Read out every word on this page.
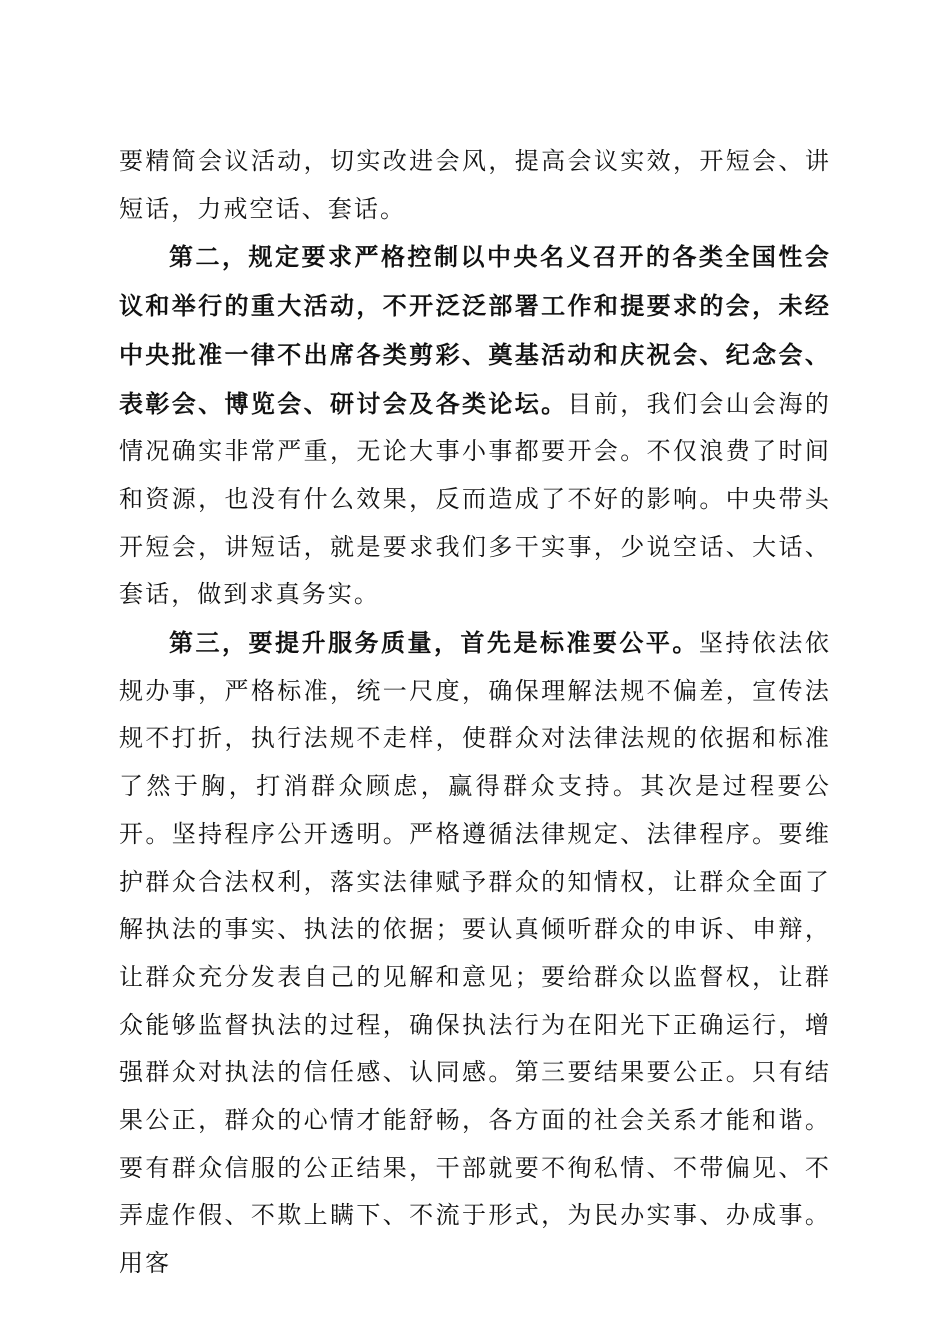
要精简会议活动，切实改进会风，提高会议实效，开短会、讲短话，力戒空话、套话。

第二，规定要求严格控制以中央名义召开的各类全国性会议和举行的重大活动，不开泛泛部署工作和提要求的会，未经中央批准一律不出席各类剪彩、奠基活动和庆祝会、纪念会、表彰会、博览会、研讨会及各类论坛。目前，我们会山会海的情况确实非常严重，无论大事小事都要开会。不仅浪费了时间和资源，也没有什么效果，反而造成了不好的影响。中央带头开短会，讲短话，就是要求我们多干实事，少说空话、大话、套话，做到求真务实。

第三，要提升服务质量，首先是标准要公平。坚持依法依规办事，严格标准，统一尺度，确保理解法规不偏差，宣传法规不打折，执行法规不走样，使群众对法律法规的依据和标准了然于胸，打消群众顾虑，赢得群众支持。其次是过程要公开。坚持程序公开透明。严格遵循法律规定、法律程序。要维护群众合法权利，落实法律赋予群众的知情权，让群众全面了解执法的事实、执法的依据；要认真倾听群众的申诉、申辩，让群众充分发表自己的见解和意见；要给群众以监督权，让群众能够监督执法的过程，确保执法行为在阳光下正确运行，增强群众对执法的信任感、认同感。第三要结果要公正。只有结果公正，群众的心情才能舒畅，各方面的社会关系才能和谐。要有群众信服的公正结果，干部就要不徇私情、不带偏见、不弄虚作假、不欺上瞒下、不流于形式，为民办实事、办成事。用客
